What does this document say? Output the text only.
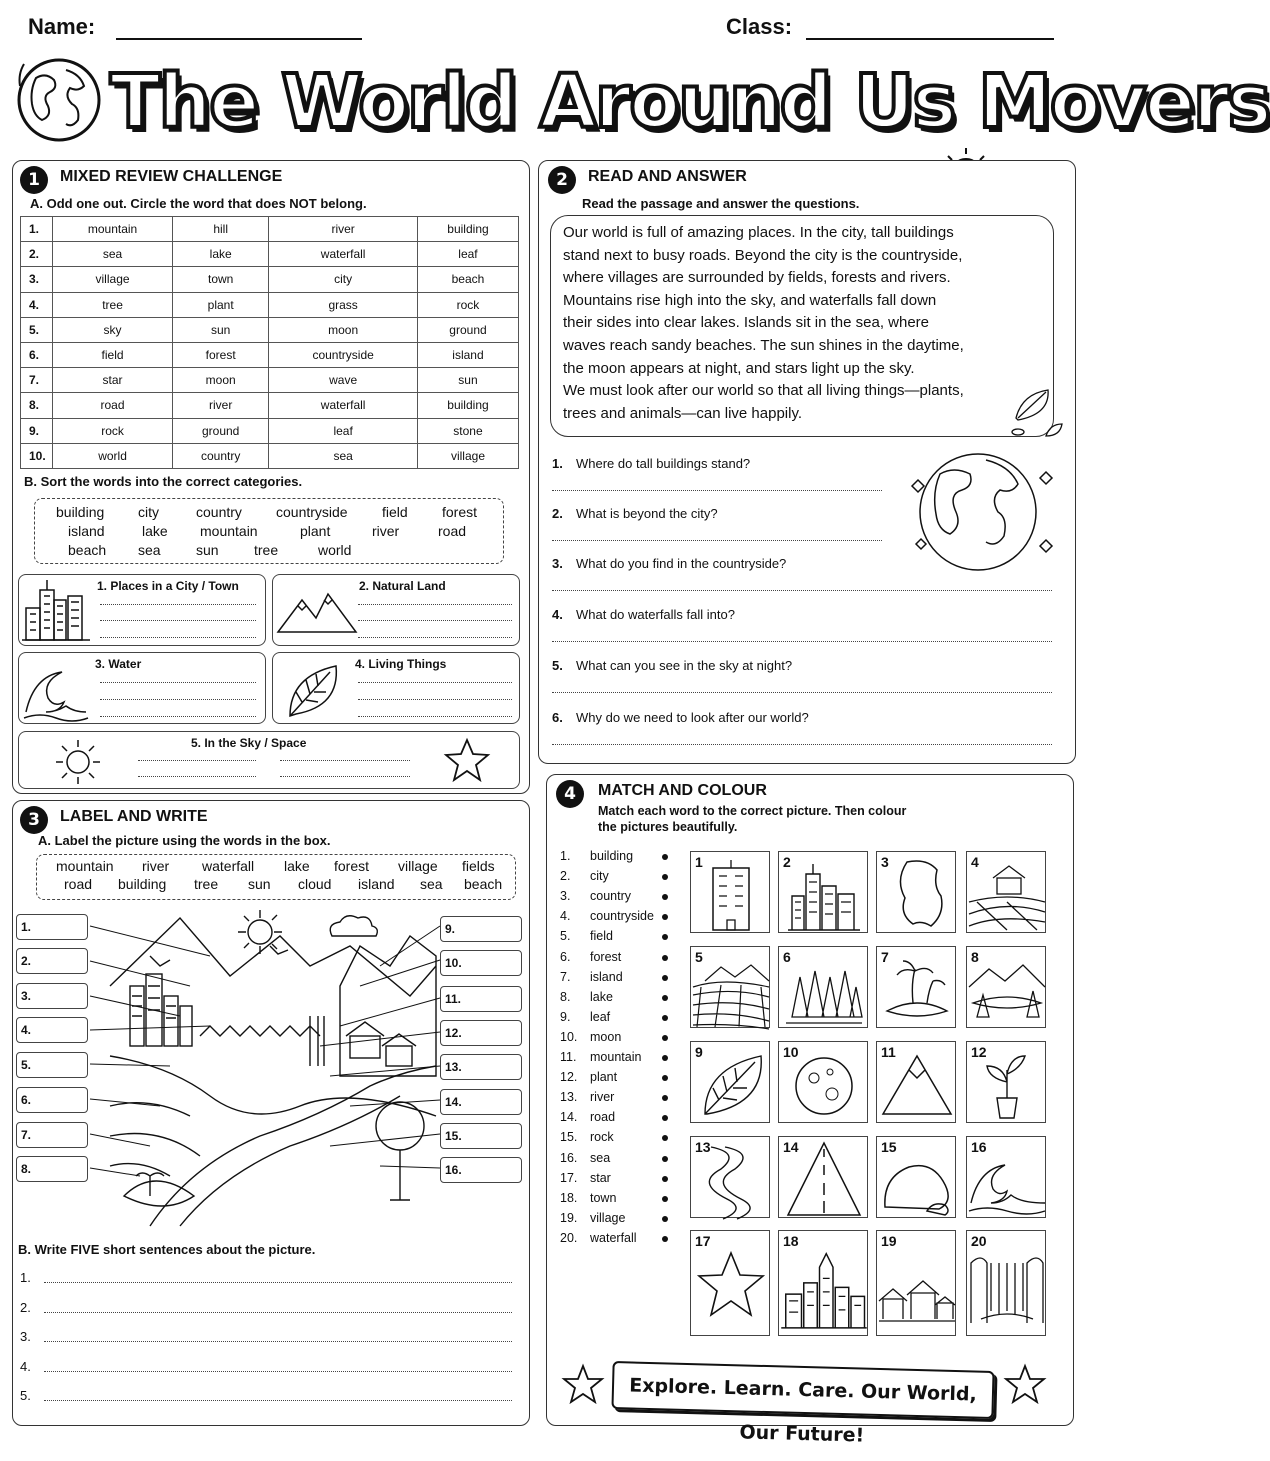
Name:	Class:
The World Around Us Movers
1	MIXED REVIEW CHALLENGE
A. Odd one out. Circle the word that does NOT belong.
1.	mountain	hill	river	building
2.	sea	lake	waterfall	leaf
3.	village	town	city	beach
4.	tree	plant	grass	rock
5.	sky	sun	moon	ground
6.	field	forest	countryside	island
7.	star	moon	wave	sun
8.	road	river	waterfall	building
9.	rock	ground	leaf	stone
10.	world	country	sea	village
B. Sort the words into the correct categories.
building city	country countryside field forest
island	lake mountain	plant	river	road
beach sea	sun	tree	world
1. Places in a City / Town	2. Natural Land
3. Water	4. Living Things
5. In the Sky / Space
2	READ AND ANSWER
Read the passage and answer the questions.
Our world is full of amazing places. In the city, tall buildings
stand next to busy roads. Beyond the city is the countryside,
where villages are surrounded by fields, forests and rivers.
Mountains rise high into the sky, and waterfalls fall down
their sides into clear lakes. Islands sit in the sea, where
waves reach sandy beaches. The sun shines in the daytime,
the moon appears at night, and stars light up the sky.
We must look after our world so that all living things—plants,
trees and animals—can live happily.
1. Where do tall buildings stand?
2. What is beyond the city?
3. What do you find in the countryside?
4. What do waterfalls fall into?
5. What can you see in the sky at night?
6. Why do we need to look after our world?
3	LABEL AND WRITE
A. Label the picture using the words in the box.
mountain river waterfall lake forest village fields
road building tree sun cloud island sea beach
1.
2.
3.
4.
5.
6.
7.
8.
9.
10.
11.
12.
13.
14.
15.
16.
B. Write FIVE short sentences about the picture.
1.
2.
3.
4.
5.
4	MATCH AND COLOUR
Match each word to the correct picture. Then colour
the pictures beautifully.
1. building
2. city
3. country
4. countryside
5. field
6. forest
7. island
8. lake
9. leaf
10. moon
11. mountain
12. plant
13. river
14. road
15. rock
16. sea
17. star
18. town
19. village
20. waterfall
1	2	3	4
5	6	7	8
9	10	11	12
13	14	15	16
17	18	19	20
Explore. Learn. Care. Our World, Our Future!
